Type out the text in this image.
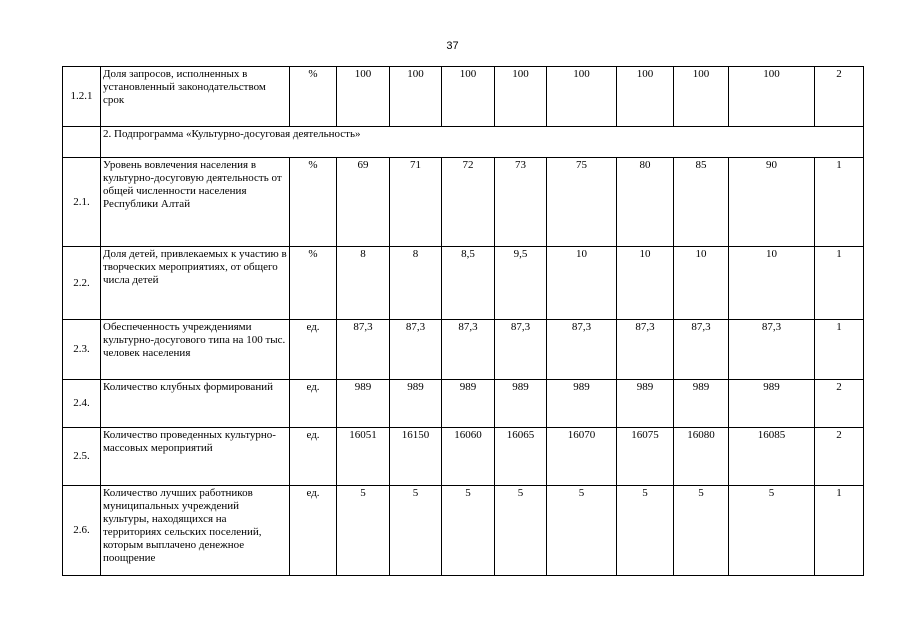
37
1.2.1	Доля запросов, исполненных в установленный законодательством срок	%	100	100	100	100	100	100	100	100	2
	2. Подпрограмма «Культурно-досуговая деятельность»										
2.1.	Уровень вовлечения населения в культурно-досуговую деятельность от общей численности населения Республики Алтай	%	69	71	72	73	75	80	85	90	1
2.2.	Доля детей, привлекаемых к участию в творческих мероприятиях, от общего числа детей	%	8	8	8,5	9,5	10	10	10	10	1
2.3.	Обеспеченность учреждениями культурно-досугового типа на 100 тыс. человек населения	ед.	87,3	87,3	87,3	87,3	87,3	87,3	87,3	87,3	1
2.4.	Количество клубных формирований	ед.	989	989	989	989	989	989	989	989	2
2.5.	Количество проведенных культурно-массовых мероприятий	ед.	16051	16150	16060	16065	16070	16075	16080	16085	2
2.6.	Количество лучших работников муниципальных учреждений культуры, находящихся на территориях сельских поселений, которым выплачено денежное поощрение	ед.	5	5	5	5	5	5	5	5	1
